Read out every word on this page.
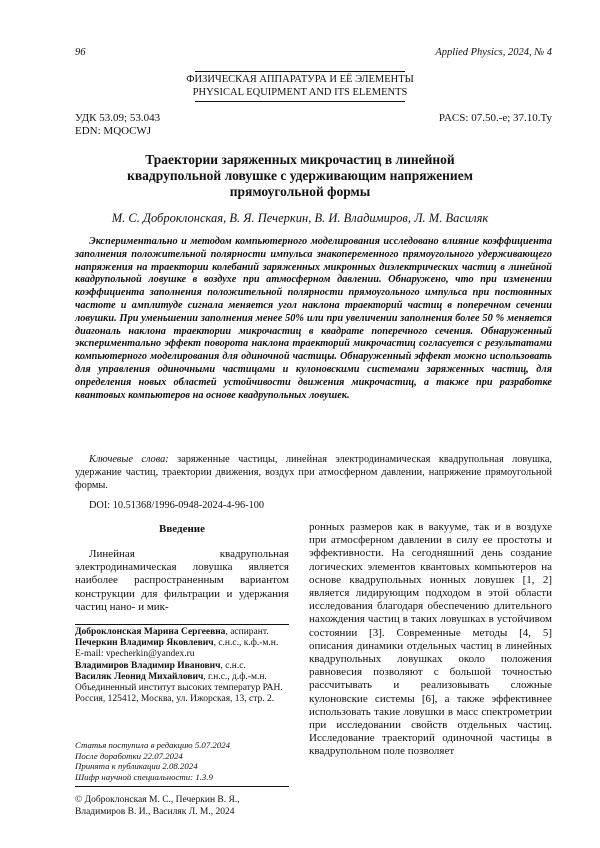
96	Applied Physics, 2024, № 4
ФИЗИЧЕСКАЯ АППАРАТУРА И ЕЁ ЭЛЕМЕНТЫ
PHYSICAL EQUIPMENT AND ITS ELEMENTS
УДК 53.09; 53.043
EDN: MQOCWJ
PACS: 07.50.-e; 37.10.Ty
Траектории заряженных микрочастиц в линейной квадрупольной ловушке с удерживающим напряжением прямоугольной формы
М. С. Доброклонская, В. Я. Печеркин, В. И. Владимиров, Л. М. Василяк

Экспериментально и методом компьютерного моделирования исследовано влияние коэффициента заполнения положительной полярности импульса знакопеременного прямоугольного удерживающего напряжения на траектории колебаний заряженных микронных диэлектрических частиц в линейной квадрупольной ловушке в воздухе при атмосферном давлении. Обнаружено, что при изменении коэффициента заполнения положительной полярности прямоугольного импульса при постоянных частоте и амплитуде сигнала меняется угол наклона траекторий частиц в поперечном сечении ловушки. При уменьшении заполнения менее 50% или при увеличении заполнения более 50 % меняется диагональ наклона траектории микрочастиц в квадрате поперечного сечения. Обнаруженный экспериментально эффект поворота наклона траекторий микрочастиц согласуется с результатами компьютерного моделирования для одиночной частицы. Обнаруженный эффект можно использовать для управления одиночными частицами и кулоновскими системами заряженных частиц, для определения новых областей устойчивости движения микрочастиц, а также при разработке квантовых компьютеров на основе квадрупольных ловушек.

Ключевые слова: заряженные частицы, линейная электродинамическая квадрупольная ловушка, удержание частиц, траектории движения, воздух при атмосферном давлении, напряжение прямоугольной формы.

DOI: 10.51368/1996-0948-2024-4-96-100
Введение

Линейная квадрупольная электродинамическая ловушка является наиболее распространенным вариантом конструкции для фильтрации и удержания частиц нано- и мик-

ронных размеров как в вакууме, так и в воздухе при атмосферном давлении в силу ее простоты и эффективности. На сегодняшний день создание логических элементов квантовых компьютеров на основе квадрупольных ионных ловушек [1, 2] является лидирующим подходом в этой области исследования благодаря обеспечению длительного нахождения частиц в таких ловушках в устойчивом состоянии [3]. Современные методы [4, 5] описания динамики отдельных частиц в линейных квадрупольных ловушках около положения равновесия позволяют с большой точностью рассчитывать и реализовывать сложные кулоновские системы [6], а также эффективнее использовать такие ловушки в масс спектрометрии при исследовании свойств отдельных частиц. Исследование траекторий одиночной частицы в квадрупольном поле позволяет

Доброклонская Марина Сергеевна, аспирант.
Печеркин Владимир Яковлевич, с.н.с., к.ф.-м.н.
E-mail: vpecherkin@yandex.ru
Владимиров Владимир Иванович, с.н.с.
Василяк Леонид Михайлович, г.н.с., д.ф.-м.н.
Объединенный институт высоких температур РАН.
Россия, 125412, Москва, ул. Ижорская, 13, стр. 2.
Статья поступила в редакцию 5.07.2024
После доработки 22.07.2024
Принята к публикации 2.08.2024
Шифр научной специальности: 1.3.9
© Доброклонская М. С., Печеркин В. Я., Владимиров В. И., Василяк Л. М., 2024
